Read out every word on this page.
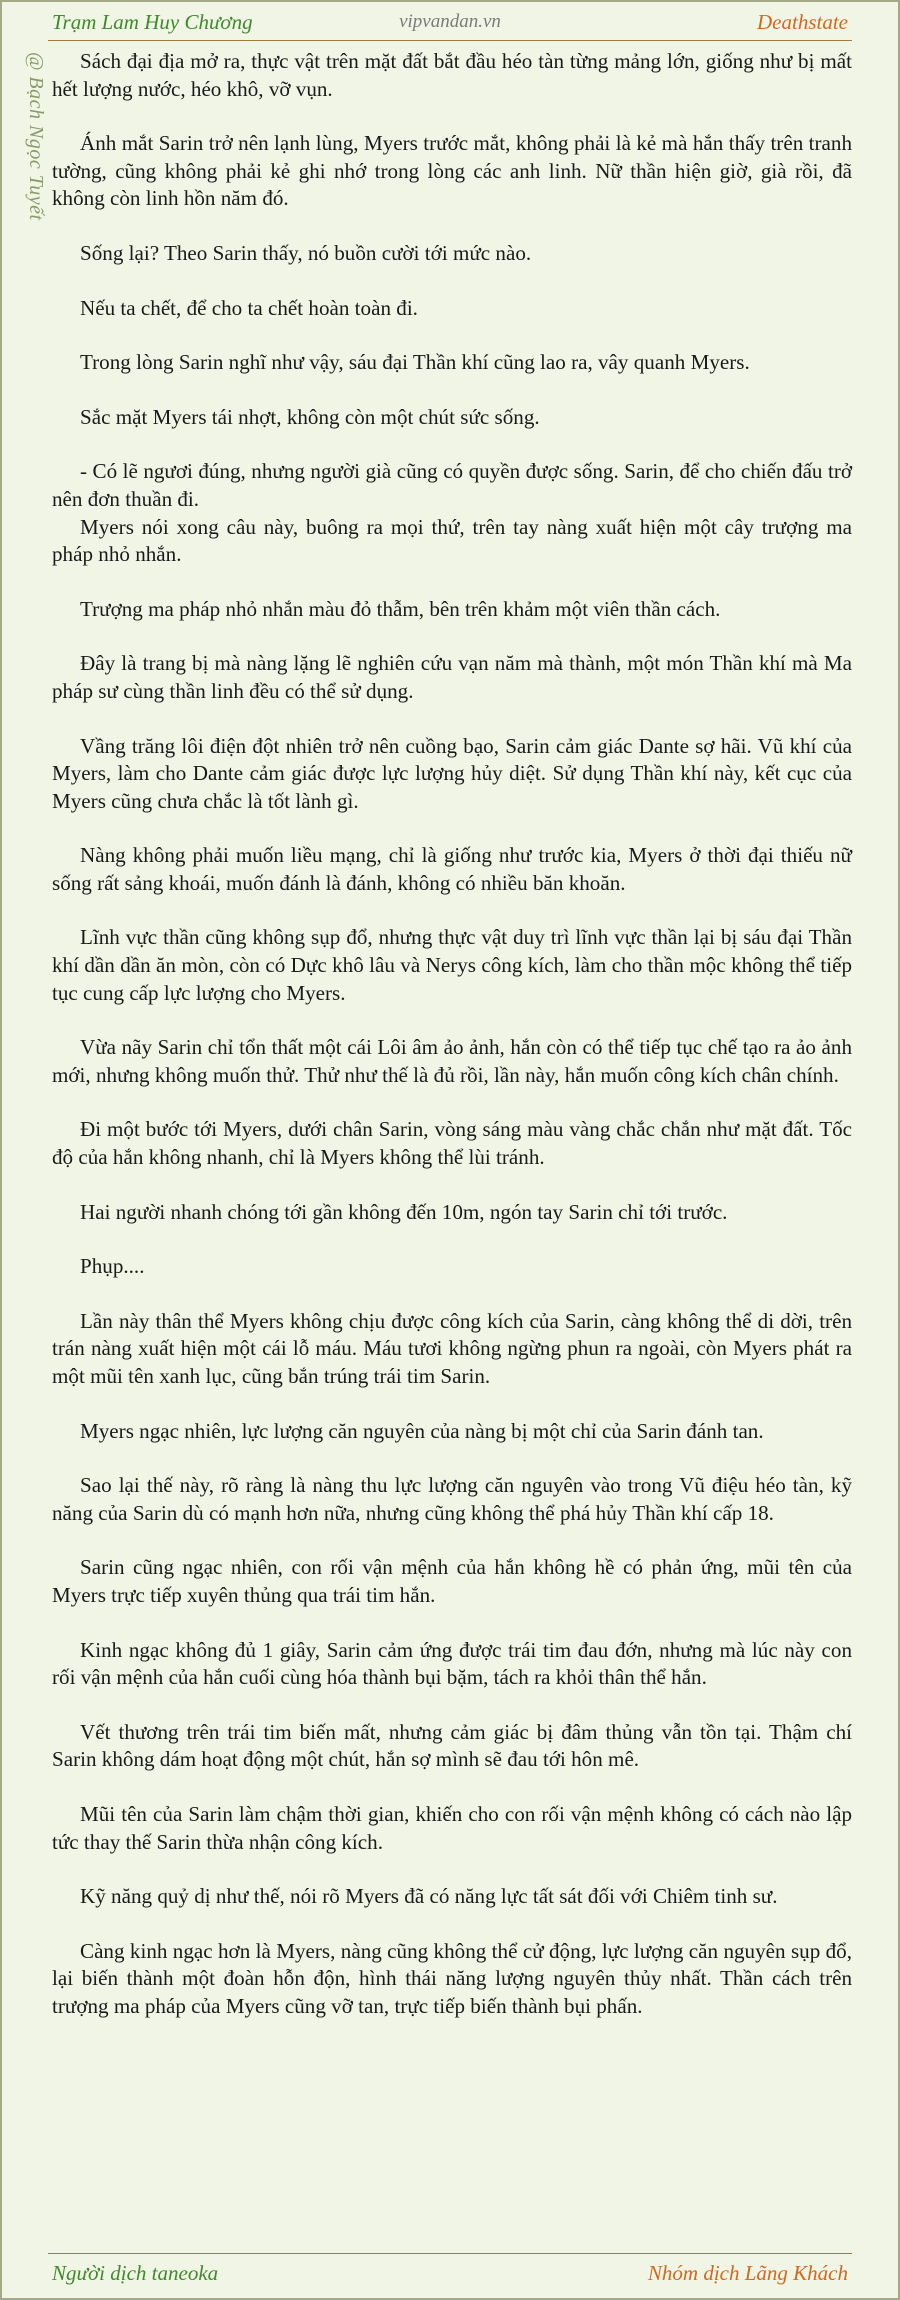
Trạm Lam Huy Chương	vipvandan.vn	Deathstate
@ Bạch Ngọc Tuyết	Sách đại địa mở ra, thực vật trên mặt đất bắt đầu héo tàn từng mảng lớn, giống như bị mất hết lượng nước, héo khô, vỡ vụn.

Ánh mắt Sarin trở nên lạnh lùng, Myers trước mắt, không phải là kẻ mà hắn thấy trên tranh tường, cũng không phải kẻ ghi nhớ trong lòng các anh linh. Nữ thần hiện giờ, già rồi, đã không còn linh hồn năm đó.

Sống lại? Theo Sarin thấy, nó buồn cười tới mức nào.

Nếu ta chết, để cho ta chết hoàn toàn đi.

Trong lòng Sarin nghĩ như vậy, sáu đại Thần khí cũng lao ra, vây quanh Myers.

Sắc mặt Myers tái nhợt, không còn một chút sức sống.

- Có lẽ ngươi đúng, nhưng người già cũng có quyền được sống. Sarin, để cho chiến đấu trở nên đơn thuần đi.

Myers nói xong câu này, buông ra mọi thứ, trên tay nàng xuất hiện một cây trượng ma pháp nhỏ nhắn.

Trượng ma pháp nhỏ nhắn màu đỏ thẫm, bên trên khảm một viên thần cách.

Đây là trang bị mà nàng lặng lẽ nghiên cứu vạn năm mà thành, một món Thần khí mà Ma pháp sư cùng thần linh đều có thể sử dụng.

Vầng trăng lôi điện đột nhiên trở nên cuồng bạo, Sarin cảm giác Dante sợ hãi. Vũ khí của Myers, làm cho Dante cảm giác được lực lượng hủy diệt. Sử dụng Thần khí này, kết cục của Myers cũng chưa chắc là tốt lành gì.

Nàng không phải muốn liều mạng, chỉ là giống như trước kia, Myers ở thời đại thiếu nữ sống rất sảng khoái, muốn đánh là đánh, không có nhiều băn khoăn.

Lĩnh vực thần cũng không sụp đổ, nhưng thực vật duy trì lĩnh vực thần lại bị sáu đại Thần khí dần dần ăn mòn, còn có Dực khô lâu và Nerys công kích, làm cho thần mộc không thể tiếp tục cung cấp lực lượng cho Myers.

Vừa nãy Sarin chỉ tổn thất một cái Lôi âm ảo ảnh, hắn còn có thể tiếp tục chế tạo ra ảo ảnh mới, nhưng không muốn thử. Thử như thế là đủ rồi, lần này, hắn muốn công kích chân chính.

Đi một bước tới Myers, dưới chân Sarin, vòng sáng màu vàng chắc chắn như mặt đất. Tốc độ của hắn không nhanh, chỉ là Myers không thể lùi tránh.

Hai người nhanh chóng tới gần không đến 10m, ngón tay Sarin chỉ tới trước.

Phụp....

Lần này thân thể Myers không chịu được công kích của Sarin, càng không thể di dời, trên trán nàng xuất hiện một cái lỗ máu. Máu tươi không ngừng phun ra ngoài, còn Myers phát ra một mũi tên xanh lục, cũng bắn trúng trái tim Sarin.

Myers ngạc nhiên, lực lượng căn nguyên của nàng bị một chỉ của Sarin đánh tan.

Sao lại thế này, rõ ràng là nàng thu lực lượng căn nguyên vào trong Vũ điệu héo tàn, kỹ năng của Sarin dù có mạnh hơn nữa, nhưng cũng không thể phá hủy Thần khí cấp 18.

Sarin cũng ngạc nhiên, con rối vận mệnh của hắn không hề có phản ứng, mũi tên của Myers trực tiếp xuyên thủng qua trái tim hắn.

Kinh ngạc không đủ 1 giây, Sarin cảm ứng được trái tim đau đớn, nhưng mà lúc này con rối vận mệnh của hắn cuối cùng hóa thành bụi bặm, tách ra khỏi thân thể hắn.

Vết thương trên trái tim biến mất, nhưng cảm giác bị đâm thủng vẫn tồn tại. Thậm chí Sarin không dám hoạt động một chút, hắn sợ mình sẽ đau tới hôn mê.

Mũi tên của Sarin làm chậm thời gian, khiến cho con rối vận mệnh không có cách nào lập tức thay thế Sarin thừa nhận công kích.

Kỹ năng quỷ dị như thế, nói rõ Myers đã có năng lực tất sát đối với Chiêm tinh sư.

Càng kinh ngạc hơn là Myers, nàng cũng không thể cử động, lực lượng căn nguyên sụp đổ, lại biến thành một đoàn hỗn độn, hình thái năng lượng nguyên thủy nhất. Thần cách trên trượng ma pháp của Myers cũng vỡ tan, trực tiếp biến thành bụi phấn.

Người dịch taneoka	Nhóm dịch Lãng Khách
